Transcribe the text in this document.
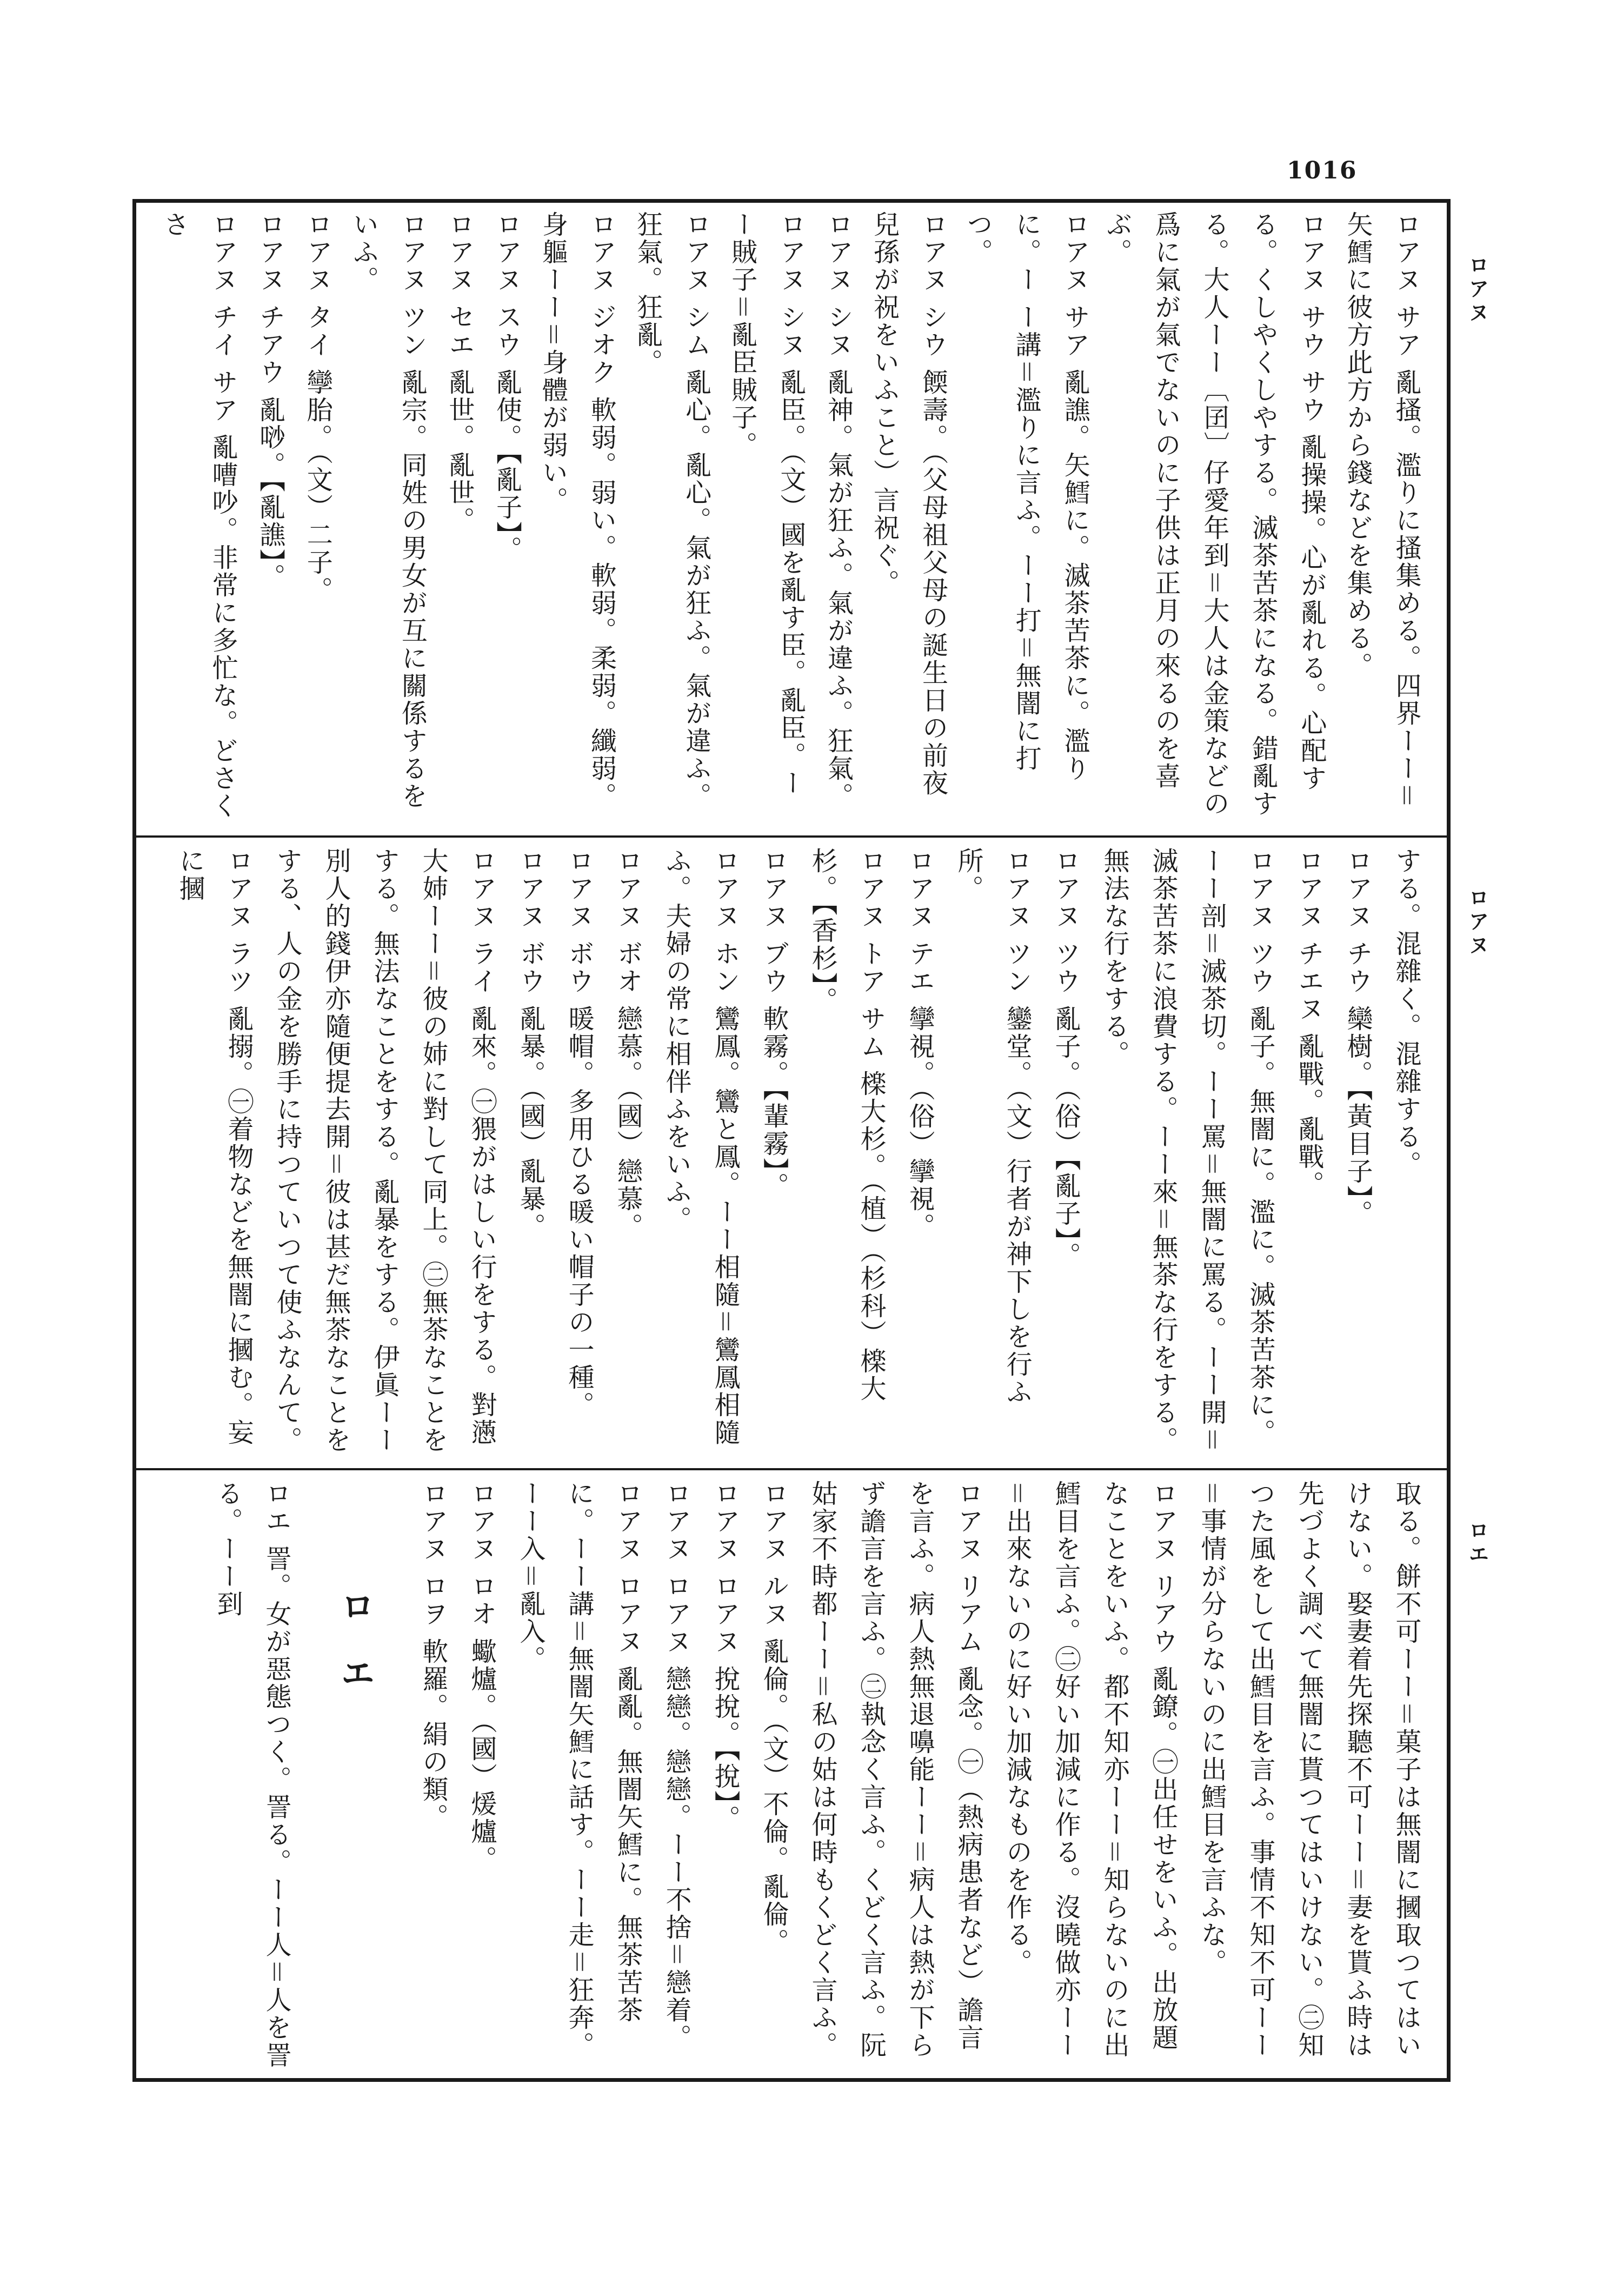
1016
ロアヌ
ロアヌ
ロエ
ロアヌ サア 亂搔。濫りに搔集める。四界ーー＝矢鱈に彼方此方から錢などを集める。
ロアヌ サウ サウ 亂操操。心が亂れる。心配する。くしやくしやする。滅茶苦茶になる。錯亂する。大人ーー〔囝〕仔愛年到＝大人は金策などの爲に氣が氣でないのに子供は正月の來るのを喜ぶ。
ロアヌ サア 亂譙。矢鱈に。滅茶苦茶に。濫りに。ー ー講＝濫りに言ふ。ーー打＝無闇に打つ。
ロアヌ シウ 餪壽。（父母祖父母の誕生日の前夜兒孫が祝をいふこと）言祝ぐ。
ロアヌ シヌ 亂神。氣が狂ふ。氣が違ふ。狂氣。
ロアヌ シヌ 亂臣。（文）國を亂す臣。亂臣。ーー賊子＝亂臣賊子。
ロアヌ シム 亂心。亂心。氣が狂ふ。氣が違ふ。狂氣。狂亂。
ロアヌ ジオク 軟弱。弱い。軟弱。柔弱。纖弱。身軀ーー＝身體が弱い。
ロアヌ スウ 亂使。【亂子】。
ロアヌ セエ 亂世。亂世。
ロアヌ ツン 亂宗。同姓の男女が互に關係するをいふ。
ロアヌ タイ 孿胎。（文）二子。
ロアヌ チアウ 亂唦。【亂譙】。
ロアヌ チイ サア 亂嘈吵。非常に多忙な。どさくさ
する。混雜く。混雜する。
ロアヌ チウ 欒樹。【黃目子】。
ロアヌ チエヌ 亂戰。亂戰。
ロアヌ ツウ 亂子。無闇に。濫に。滅茶苦茶に。ーー剖＝滅茶切。ーー罵＝無闇に罵る。ーー開＝滅茶苦茶に浪費する。ーー來＝無茶な行をする。無法な行をする。
ロアヌ ツウ 亂子。（俗）【亂子】。
ロアヌ ツン 鑾堂。（文）行者が神下しを行ふ所。
ロアヌ テエ 攣視。（俗）攣視。
ロアヌ トア サム 檪大杉。（植）（杉科）檪大杉。【香杉】。
ロアヌ ブウ 軟霧。【輩霧】。
ロアヌ ホン 鸞鳳。鸞と鳳。ーー相隨＝鸞鳳相隨ふ。夫婦の常に相伴ふをいふ。
ロアヌ ボオ 戀慕。（國）戀慕。
ロアヌ ボウ 暖帽。多用ひる暖い帽子の一種。
ロアヌ ボウ 亂暴。（國）亂暴。
ロアヌ ライ 亂來。㊀猥がはしい行をする。對懣大姉ーー＝彼の姉に對して同上。㊁無茶なことをする。無法なことをする。亂暴をする。伊眞ーー別人的錢伊亦隨便提去開＝彼は甚だ無茶なことをする、人の金を勝手に持つていつて使ふなんて。
ロアヌ ラツ 亂搦。㊀着物などを無闇に摑む。妄に摑
取る。餅不可ーー＝菓子は無闇に摑取つてはいけない。娶妻着先探聽不可ーー＝妻を貰ふ時は先づよく調べて無闇に貰つてはいけない。㊁知つた風をして出鱈目を言ふ。事情不知不可ーー＝事情が分らないのに出鱈目を言ふな。
ロアヌ リアウ 亂鐐。㊀出任せをいふ。出放題なことをいふ。都不知亦ーー＝知らないのに出鱈目を言ふ。㊁好い加減に作る。沒曉做亦ーー＝出來ないのに好い加減なものを作る。
ロアヌ リアム 亂念。㊀（熱病患者など）譫言を言ふ。病人熱無退嚊能ーー＝病人は熱が下らず譫言を言ふ。㊁執念く言ふ。くどく言ふ。阮姑家不時都ーー＝私の姑は何時もくどく言ふ。
ロアヌ ルヌ 亂倫。（文）不倫。亂倫。
ロアヌ ロアヌ 挩挩。【挩】。
ロアヌ ロアヌ 戀戀。戀戀。ーー不捨＝戀着。
ロアヌ ロアヌ 亂亂。無闇矢鱈に。無茶苦茶に。ーー講＝無闇矢鱈に話す。ーー走＝狂奔。ーー入＝亂入。
ロアヌ ロオ 蠍爐。（國）煖爐。
ロアヌ ロヲ 軟羅。絹の類。
ロエ
ロエ 詈。女が惡態つく。詈る。ーー人＝人を詈る。ーー到
